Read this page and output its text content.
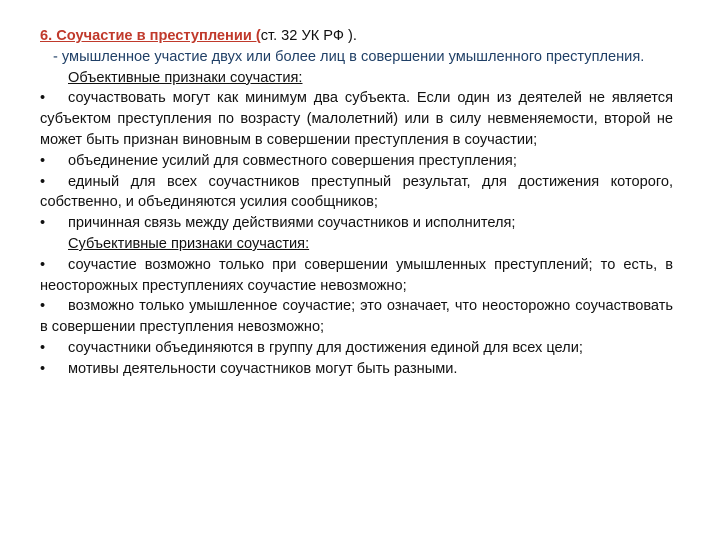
6. Соучастие в преступлении (ст. 32 УК РФ ).

- умышленное участие двух или более лиц в совершении умышленного преступления.

Объективные признаки соучастия:

• соучаствовать могут как минимум два субъекта. Если один из деятелей не является субъектом преступления по возрасту (малолетний) или в силу невменяемости, второй не может быть признан виновным в совершении преступления в соучастии;

• объединение усилий для совместного совершения преступления;

• единый для всех соучастников преступный результат, для достижения которого, собственно, и объединяются усилия сообщников;

• причинная связь между действиями соучастников и исполнителя;

Субъективные признаки соучастия:

• соучастие возможно только при совершении умышленных преступлений; то есть, в неосторожных преступлениях соучастие невозможно;

• возможно только умышленное соучастие; это означает, что неосторожно соучаствовать в совершении преступления невозможно;

• соучастники объединяются в группу для достижения единой для всех цели;

• мотивы деятельности соучастников могут быть разными.
